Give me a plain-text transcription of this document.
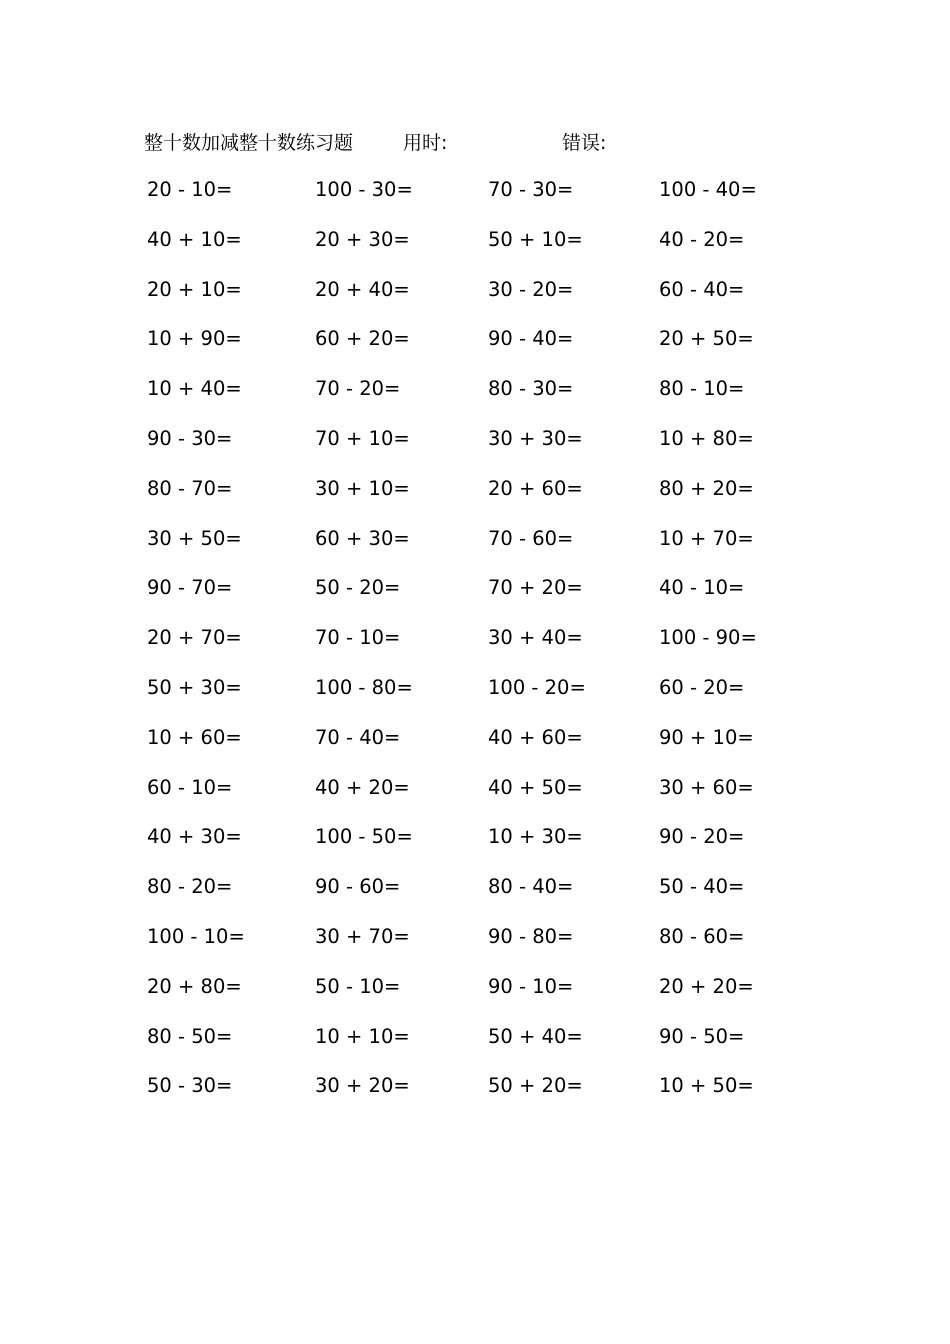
整十数加减整十数练习题	用时:	错误:
20 - 10=	100 - 30=	70 - 30=	100 - 40=
40 + 10=	20 + 30=	50 + 10=	40 - 20=
20 + 10=	20 + 40=	30 - 20=	60 - 40=
10 + 90=	60 + 20=	90 - 40=	20 + 50=
10 + 40=	70 - 20=	80 - 30=	80 - 10=
90 - 30=	70 + 10=	30 + 30=	10 + 80=
80 - 70=	30 + 10=	20 + 60=	80 + 20=
30 + 50=	60 + 30=	70 - 60=	10 + 70=
90 - 70=	50 - 20=	70 + 20=	40 - 10=
20 + 70=	70 - 10=	30 + 40=	100 - 90=
50 + 30=	100 - 80=	100 - 20=	60 - 20=
10 + 60=	70 - 40=	40 + 60=	90 + 10=
60 - 10=	40 + 20=	40 + 50=	30 + 60=
40 + 30=	100 - 50=	10 + 30=	90 - 20=
80 - 20=	90 - 60=	80 - 40=	50 - 40=
100 - 10=	30 + 70=	90 - 80=	80 - 60=
20 + 80=	50 - 10=	90 - 10=	20 + 20=
80 - 50=	10 + 10=	50 + 40=	90 - 50=
50 - 30=	30 + 20=	50 + 20=	10 + 50=
